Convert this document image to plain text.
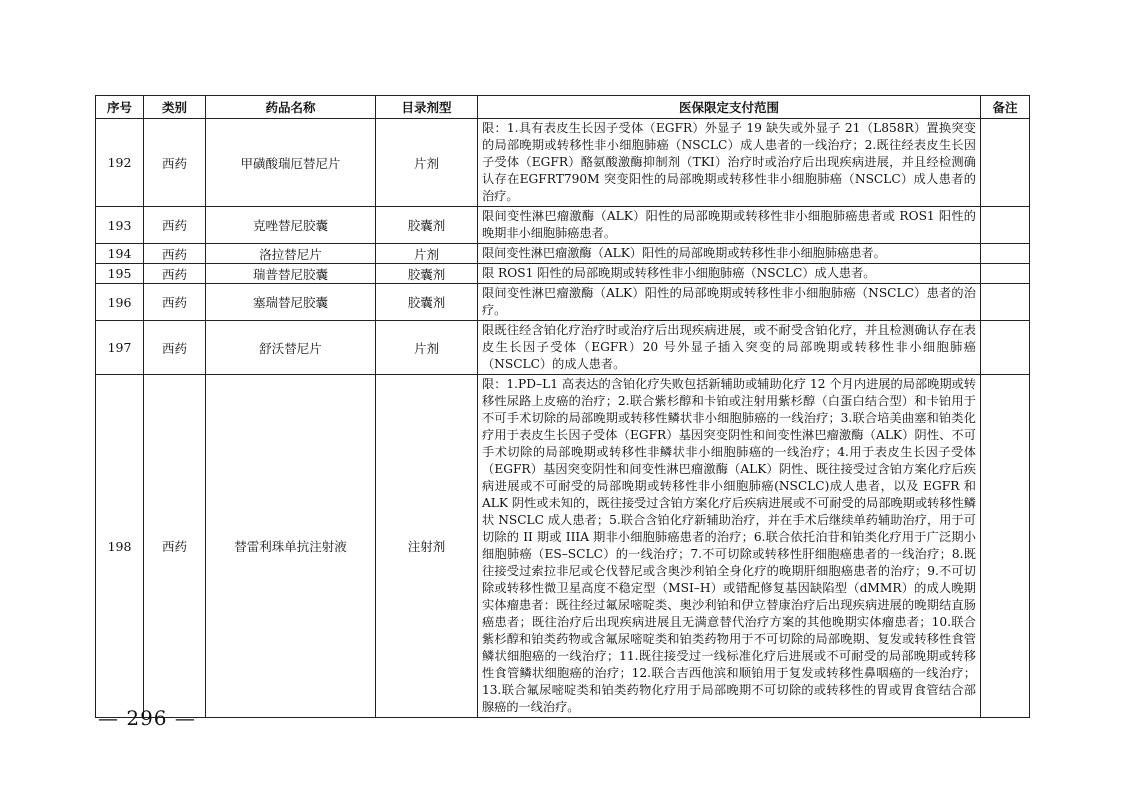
序号	类别	药品名称	目录剂型	医保限定支付范围	备注
192	西药	甲磺酸瑞厄替尼片	片剂	限：1.具有表皮生长因子受体（EGFR）外显子 19 缺失或外显子 21（L858R）置换突变的局部晚期或转移性非小细胞肺癌（NSCLC）成人患者的一线治疗；2.既往经表皮生长因子受体（EGFR）酪氨酸激酶抑制剂（TKI）治疗时或治疗后出现疾病进展，并且经检测确认存在EGFRT790M 突变阳性的局部晚期或转移性非小细胞肺癌（NSCLC）成人患者的治疗。	
193	西药	克唑替尼胶囊	胶囊剂	限间变性淋巴瘤激酶（ALK）阳性的局部晚期或转移性非小细胞肺癌患者或 ROS1 阳性的晚期非小细胞肺癌患者。	
194	西药	洛拉替尼片	片剂	限间变性淋巴瘤激酶（ALK）阳性的局部晚期或转移性非小细胞肺癌患者。	
195	西药	瑞普替尼胶囊	胶囊剂	限 ROS1 阳性的局部晚期或转移性非小细胞肺癌（NSCLC）成人患者。	
196	西药	塞瑞替尼胶囊	胶囊剂	限间变性淋巴瘤激酶（ALK）阳性的局部晚期或转移性非小细胞肺癌（NSCLC）患者的治疗。	
197	西药	舒沃替尼片	片剂	限既往经含铂化疗治疗时或治疗后出现疾病进展，或不耐受含铂化疗，并且检测确认存在表皮生长因子受体（EGFR）20 号外显子插入突变的局部晚期或转移性非小细胞肺癌（NSCLC）的成人患者。	
198	西药	替雷利珠单抗注射液	注射剂	限：1.PD–L1 高表达的含铂化疗失败包括新辅助或辅助化疗 12 个月内进展的局部晚期或转移性尿路上皮癌的治疗；2.联合紫杉醇和卡铂或注射用紫杉醇（白蛋白结合型）和卡铂用于不可手术切除的局部晚期或转移性鳞状非小细胞肺癌的一线治疗；3.联合培美曲塞和铂类化疗用于表皮生长因子受体（EGFR）基因突变阴性和间变性淋巴瘤激酶（ALK）阴性、不可手术切除的局部晚期或转移性非鳞状非小细胞肺癌的一线治疗；4.用于表皮生长因子受体（EGFR）基因突变阴性和间变性淋巴瘤激酶（ALK）阴性、既往接受过含铂方案化疗后疾病进展或不可耐受的局部晚期或转移性非小细胞肺癌(NSCLC)成人患者，以及 EGFR 和 ALK 阴性或未知的，既往接受过含铂方案化疗后疾病进展或不可耐受的局部晚期或转移性鳞状 NSCLC 成人患者；5.联合含铂化疗新辅助治疗，并在手术后继续单药辅助治疗，用于可切除的 II 期或 IIIA 期非小细胞肺癌患者的治疗；6.联合依托泊苷和铂类化疗用于广泛期小细胞肺癌（ES–SCLC）的一线治疗；7.不可切除或转移性肝细胞癌患者的一线治疗；8.既往接受过索拉非尼或仑伐替尼或含奥沙利铂全身化疗的晚期肝细胞癌患者的治疗；9.不可切除或转移性微卫星高度不稳定型（MSI–H）或错配修复基因缺陷型（dMMR）的成人晚期实体瘤患者：既往经过氟尿嘧啶类、奥沙利铂和伊立替康治疗后出现疾病进展的晚期结直肠癌患者；既往治疗后出现疾病进展且无满意替代治疗方案的其他晚期实体瘤患者；10.联合紫杉醇和铂类药物或含氟尿嘧啶类和铂类药物用于不可切除的局部晚期、复发或转移性食管鳞状细胞癌的一线治疗；11.既往接受过一线标准化疗后进展或不可耐受的局部晚期或转移性食管鳞状细胞癌的治疗；12.联合吉西他滨和顺铂用于复发或转移性鼻咽癌的一线治疗；13.联合氟尿嘧啶类和铂类药物化疗用于局部晚期不可切除的或转移性的胃或胃食管结合部腺癌的一线治疗。	
— 296 —
